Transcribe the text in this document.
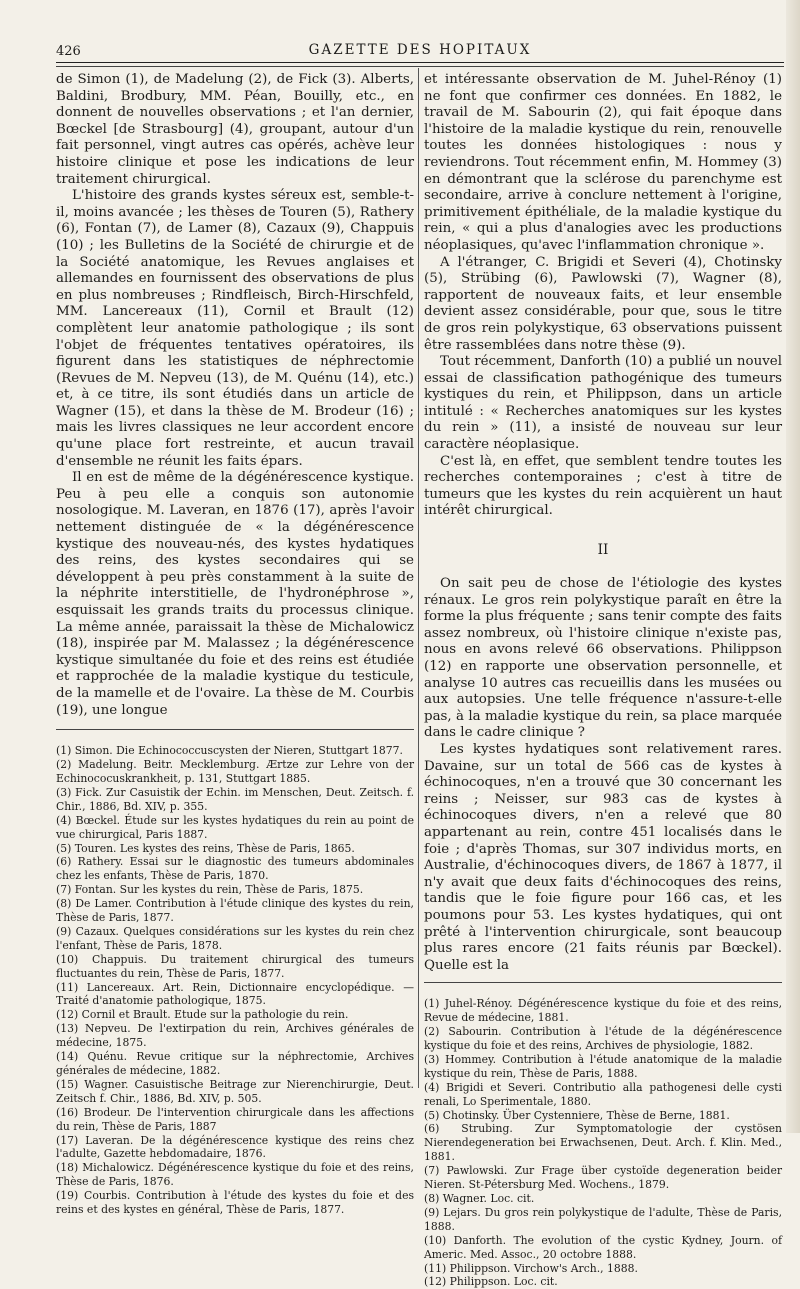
426	GAZETTE DES HOPITAUX

de Simon (1), de Madelung (2), de Fick (3). Alberts, Baldini, Brodbury, MM. Péan, Bouilly, etc., en donnent de nouvelles observations ; et l'an dernier, Bœckel [de Strasbourg] (4), groupant, autour d'un fait personnel, vingt autres cas opérés, achève leur histoire clinique et pose les indications de leur traitement chirurgical.

L'histoire des grands kystes séreux est, semble-t-il, moins avancée ; les thèses de Touren (5), Rathery (6), Fontan (7), de Lamer (8), Cazaux (9), Chappuis (10) ; les Bulletins de la Société de chirurgie et de la Société anatomique, les Revues anglaises et allemandes en fournissent des observations de plus en plus nombreuses ; Rindfleisch, Birch-Hirschfeld, MM. Lancereaux (11), Cornil et Brault (12) complètent leur anatomie pathologique ; ils sont l'objet de fréquentes tentatives opératoires, ils figurent dans les statistiques de néphrectomie (Revues de M. Nepveu (13), de M. Quénu (14), etc.) et, à ce titre, ils sont étudiés dans un article de Wagner (15), et dans la thèse de M. Brodeur (16) ; mais les livres classiques ne leur accordent encore qu'une place fort restreinte, et aucun travail d'ensemble ne réunit les faits épars.

Il en est de même de la dégénérescence kystique. Peu à peu elle a conquis son autonomie nosologique. M. Laveran, en 1876 (17), après l'avoir nettement distinguée de « la dégénérescence kystique des nouveau-nés, des kystes hydatiques des reins, des kystes secondaires qui se développent à peu près constamment à la suite de la néphrite interstitielle, de l'hydronéphrose », esquissait les grands traits du processus clinique. La même année, paraissait la thèse de Michalowicz (18), inspirée par M. Malassez ; la dégénérescence kystique simultanée du foie et des reins est étudiée et rapprochée de la maladie kystique du testicule, de la mamelle et de l'ovaire. La thèse de M. Courbis (19), une longue

(1) Simon. Die Echinococcuscysten der Nieren, Stuttgart 1877.
(2) Madelung. Beitr. Mecklemburg. Ærtze zur Lehre von der Echinococuskrankheit, p. 131, Stuttgart 1885.
(3) Fick. Zur Casuistik der Echin. im Menschen, Deut. Zeitsch. f. Chir., 1886, Bd. XIV, p. 355.
(4) Bœckel. Étude sur les kystes hydatiques du rein au point de vue chirurgical, Paris 1887.
(5) Touren. Les kystes des reins, Thèse de Paris, 1865.
(6) Rathery. Essai sur le diagnostic des tumeurs abdominales chez les enfants, Thèse de Paris, 1870.
(7) Fontan. Sur les kystes du rein, Thèse de Paris, 1875.
(8) De Lamer. Contribution à l'étude clinique des kystes du rein, Thèse de Paris, 1877.
(9) Cazaux. Quelques considérations sur les kystes du rein chez l'enfant, Thèse de Paris, 1878.
(10) Chappuis. Du traitement chirurgical des tumeurs fluctuantes du rein, Thèse de Paris, 1877.
(11) Lancereaux. Art. Rein, Dictionnaire encyclopédique. — Traité d'anatomie pathologique, 1875.
(12) Cornil et Brault. Etude sur la pathologie du rein.
(13) Nepveu. De l'extirpation du rein, Archives générales de médecine, 1875.
(14) Quénu. Revue critique sur la néphrectomie, Archives générales de médecine, 1882.
(15) Wagner. Casuistische Beitrage zur Nierenchirurgie, Deut. Zeitsch f. Chir., 1886, Bd. XIV, p. 505.
(16) Brodeur. De l'intervention chirurgicale dans les affections du rein, Thèse de Paris, 1887
(17) Laveran. De la dégénérescence kystique des reins chez l'adulte, Gazette hebdomadaire, 1876.
(18) Michalowicz. Dégénérescence kystique du foie et des reins, Thèse de Paris, 1876.
(19) Courbis. Contribution à l'étude des kystes du foie et des reins et des kystes en général, Thèse de Paris, 1877.

et intéressante observation de M. Juhel-Rénoy (1) ne font que confirmer ces données. En 1882, le travail de M. Sabourin (2), qui fait époque dans l'histoire de la maladie kystique du rein, renouvelle toutes les données histologiques : nous y reviendrons. Tout récemment enfin, M. Hommey (3) en démontrant que la sclérose du parenchyme est secondaire, arrive à conclure nettement à l'origine, primitivement épithéliale, de la maladie kystique du rein, « qui a plus d'analogies avec les productions néoplasiques, qu'avec l'inflammation chronique ».

A l'étranger, C. Brigidi et Severi (4), Chotinsky (5), Strübing (6), Pawlowski (7), Wagner (8), rapportent de nouveaux faits, et leur ensemble devient assez considérable, pour que, sous le titre de gros rein polykystique, 63 observations puissent être rassemblées dans notre thèse (9).

Tout récemment, Danforth (10) a publié un nouvel essai de classification pathogénique des tumeurs kystiques du rein, et Philippson, dans un article intitulé : « Recherches anatomiques sur les kystes du rein » (11), a insisté de nouveau sur leur caractère néoplasique.

C'est là, en effet, que semblent tendre toutes les recherches contemporaines ; c'est à titre de tumeurs que les kystes du rein acquièrent un haut intérêt chirurgical.

II

On sait peu de chose de l'étiologie des kystes rénaux. Le gros rein polykystique paraît en être la forme la plus fréquente ; sans tenir compte des faits assez nombreux, où l'histoire clinique n'existe pas, nous en avons relevé 66 observations. Philippson (12) en rapporte une observation personnelle, et analyse 10 autres cas recueillis dans les musées ou aux autopsies. Une telle fréquence n'assure-t-elle pas, à la maladie kystique du rein, sa place marquée dans le cadre clinique ?

Les kystes hydatiques sont relativement rares. Davaine, sur un total de 566 cas de kystes à échinocoques, n'en a trouvé que 30 concernant les reins ; Neisser, sur 983 cas de kystes à échinocoques divers, n'en a relevé que 80 appartenant au rein, contre 451 localisés dans le foie ; d'après Thomas, sur 307 individus morts, en Australie, d'échinocoques divers, de 1867 à 1877, il n'y avait que deux faits d'échinocoques des reins, tandis que le foie figure pour 166 cas, et les poumons pour 53. Les kystes hydatiques, qui ont prêté à l'intervention chirurgicale, sont beaucoup plus rares encore (21 faits réunis par Bœckel). Quelle est la

(1) Juhel-Rénoy. Dégénérescence kystique du foie et des reins, Revue de médecine, 1881.
(2) Sabourin. Contribution à l'étude de la dégénérescence kystique du foie et des reins, Archives de physiologie, 1882.
(3) Hommey. Contribution à l'étude anatomique de la maladie kystique du rein, Thèse de Paris, 1888.
(4) Brigidi et Severi. Contributio alla pathogenesi delle cysti renali, Lo Sperimentale, 1880.
(5) Chotinsky. Über Cystenniere, Thèse de Berne, 1881.
(6) Strubing. Zur Symptomatologie der cystösen Nierendegeneration bei Erwachsenen, Deut. Arch. f. Klin. Med., 1881.
(7) Pawlowski. Zur Frage über cystoïde degeneration beider Nieren. St-Pétersburg Med. Wochens., 1879.
(8) Wagner. Loc. cit.
(9) Lejars. Du gros rein polykystique de l'adulte, Thèse de Paris, 1888.
(10) Danforth. The evolution of the cystic Kydney, Journ. of Americ. Med. Assoc., 20 octobre 1888.
(11) Philippson. Virchow's Arch., 1888.
(12) Philippson. Loc. cit.
